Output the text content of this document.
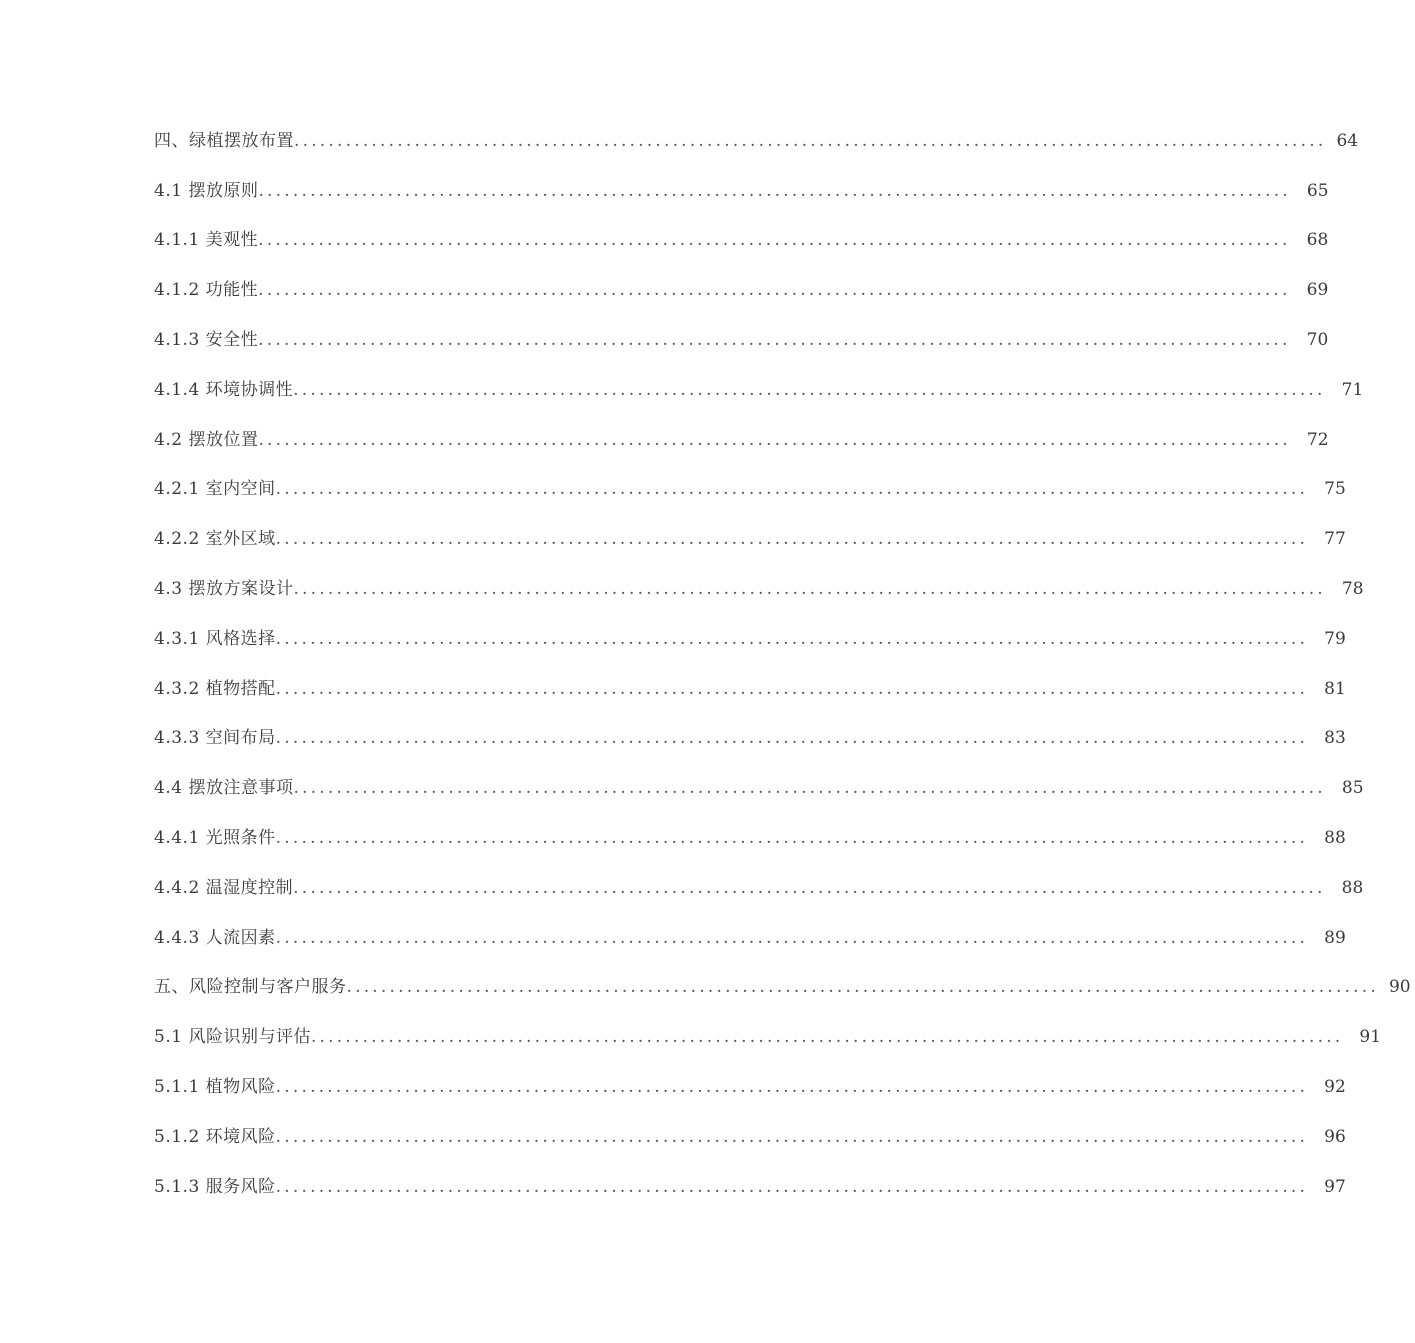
四、绿植摆放布置 ........................................................................................................................ 64
4.1 摆放原则 ........................................................................................................................ 65
4.1.1 美观性 ........................................................................................................................ 68
4.1.2 功能性 ........................................................................................................................ 69
4.1.3 安全性 ........................................................................................................................ 70
4.1.4 环境协调性 ........................................................................................................................ 71
4.2 摆放位置 ........................................................................................................................ 72
4.2.1 室内空间 ........................................................................................................................ 75
4.2.2 室外区域 ........................................................................................................................ 77
4.3 摆放方案设计 ........................................................................................................................ 78
4.3.1 风格选择 ........................................................................................................................ 79
4.3.2 植物搭配 ........................................................................................................................ 81
4.3.3 空间布局 ........................................................................................................................ 83
4.4 摆放注意事项 ........................................................................................................................ 85
4.4.1 光照条件 ........................................................................................................................ 88
4.4.2 温湿度控制 ........................................................................................................................ 88
4.4.3 人流因素 ........................................................................................................................ 89
五、风险控制与客户服务 ........................................................................................................................ 90
5.1 风险识别与评估 ........................................................................................................................ 91
5.1.1 植物风险 ........................................................................................................................ 92
5.1.2 环境风险 ........................................................................................................................ 96
5.1.3 服务风险 ........................................................................................................................ 97
